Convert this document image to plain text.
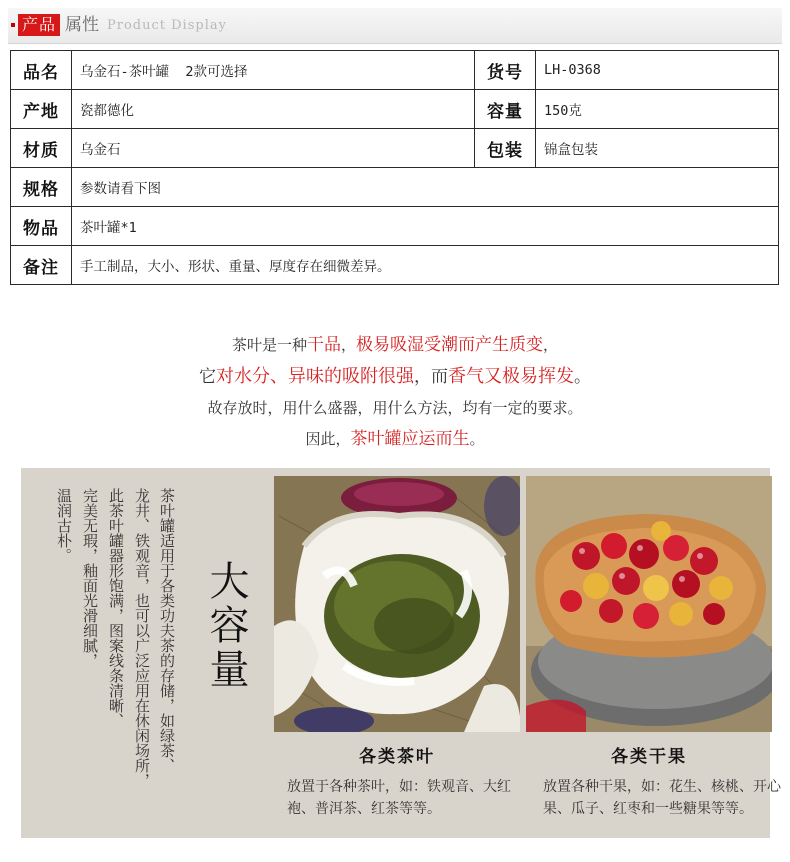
产品 属性 Product Display
品名	乌金石-茶叶罐  2款可选择	货号	LH-0368
产地	瓷都德化	容量	150克
材质	乌金石	包装	锦盒包装
规格	参数请看下图		
物品	茶叶罐*1		
备注	手工制品，大小、形状、重量、厚度存在细微差异。		

茶叶是一种干品，极易吸湿受潮而产生质变，

它对水分、异味的吸附很强，而香气又极易挥发。

故存放时，用什么盛器，用什么方法，均有一定的要求。

因此，茶叶罐应运而生。

茶叶罐适用于各类功夫茶的存储，如绿茶、
龙井、铁观音，也可以广泛应用在休闲场所，
此茶叶罐器形饱满，图案线条清晰、
完美无瑕，釉面光滑细腻，
温润古朴。
大容量
各类茶叶
放置于各种茶叶，如：铁观音、大红袍、普洱茶、红茶等等。
各类干果
放置各种干果，如：花生、核桃、开心果、瓜子、红枣和一些糖果等等。
